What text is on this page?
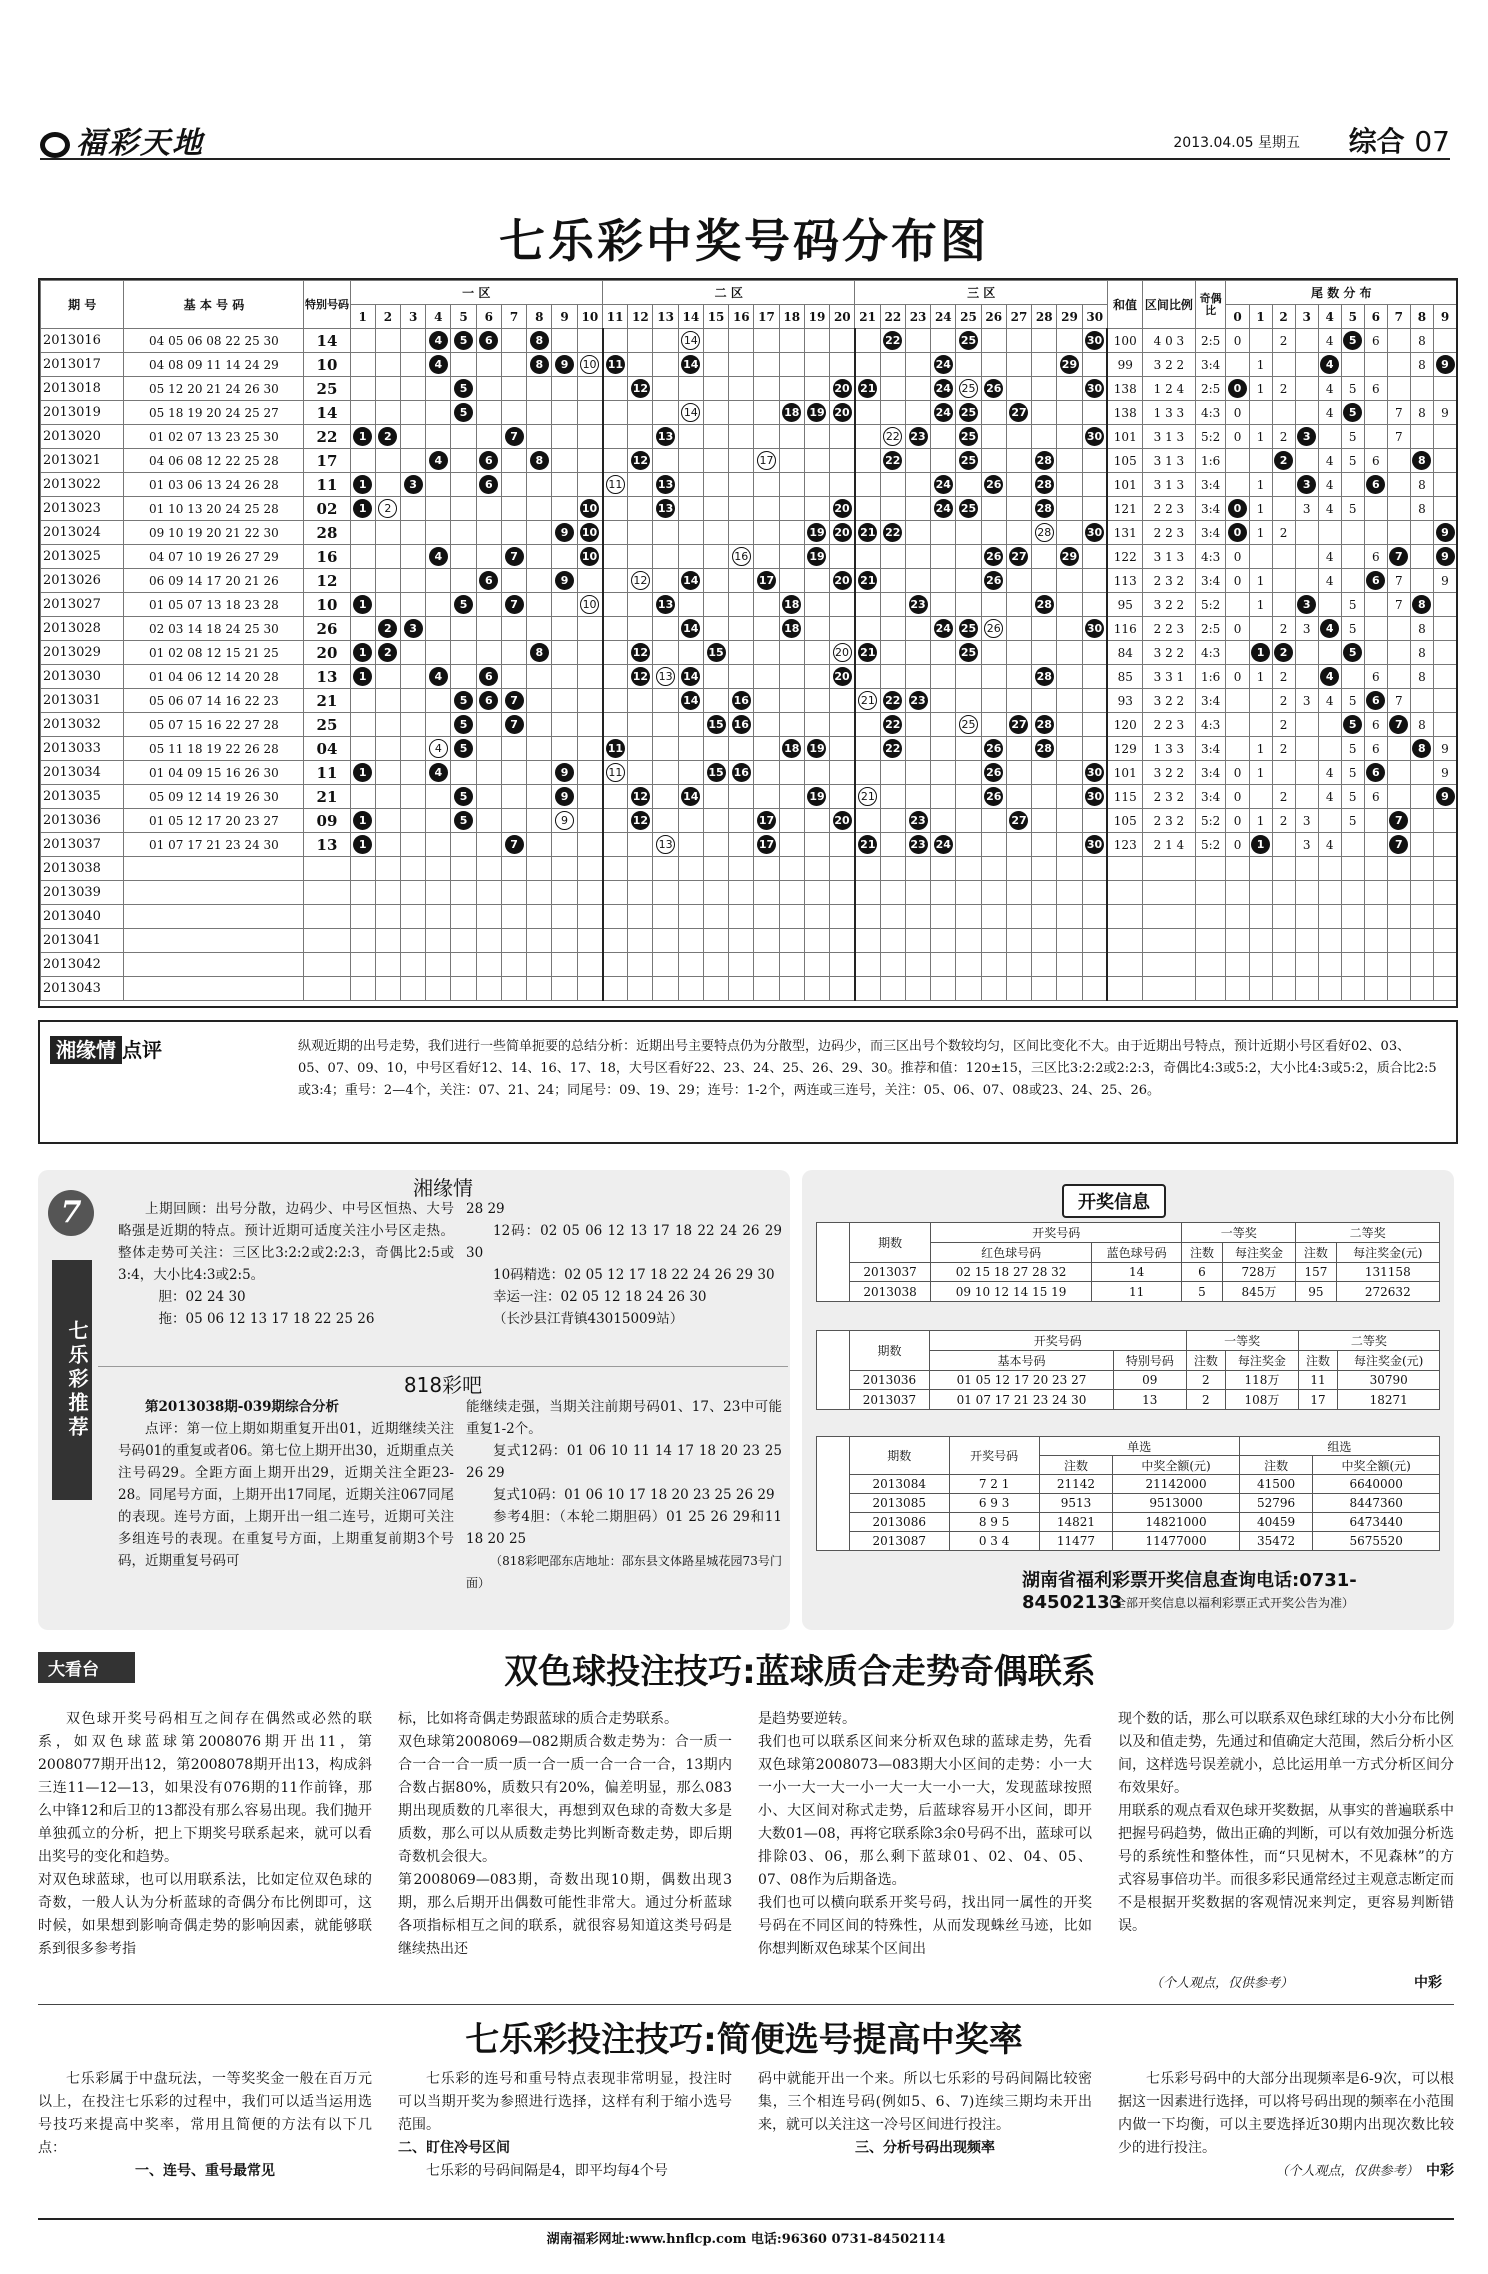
福彩天地	2013.04.05 星期五 综合 07
七乐彩中奖号码分布图
期 号	基 本 号 码	特别号码	一 区										二 区										三 区										和值	区间比例	奇偶比	尾 数 分 布									
			1	2	3	4	5	6	7	8	9	10	11	12	13	14	15	16	17	18	19	20	21	22	23	24	25	26	27	28	29	30				0	1	2	3	4	5	6	7	8	9
2013016	04 05 06 08 22 25 30	14				4	5	6		8						14								22			25					30	100	4 0 3	2:5	0		2		4	5	6		8	
2013017	04 08 09 11 14 24 29	10				4				8	9	10	11			14										24					29		99	3 2 2	3:4		1			4				8	9
2013018	05 12 20 21 24 26 30	25					5							12								20	21			24	25	26				30	138	1 2 4	2:5	0	1	2		4	5	6			
2013019	05 18 19 20 24 25 27	14					5									14				18	19	20				24	25		27				138	1 3 3	4:3	0				4	5		7	8	9
2013020	01 02 07 13 23 25 30	22	1	2					7						13									22	23		25					30	101	3 1 3	5:2	0	1	2	3		5		7		
2013021	04 06 08 12 22 25 28	17				4		6		8				12					17					22			25			28			105	3 1 3	1:6			2		4	5	6		8	
2013022	01 03 06 13 24 26 28	11	1		3			6					11		13											24		26		28			101	3 1 3	3:4		1		3	4		6		8	
2013023	01 10 13 20 24 25 28	02	1	2								10			13							20				24	25			28			121	2 2 3	3:4	0	1		3	4	5			8	
2013024	09 10 19 20 21 22 30	28									9	10									19	20	21	22						28		30	131	2 2 3	3:4	0	1	2							9
2013025	04 07 10 19 26 27 29	16				4			7			10						16			19							26	27		29		122	3 1 3	4:3	0				4		6	7		9
2013026	06 09 14 17 20 21 26	12						6			9			12		14			17			20	21					26					113	2 3 2	3:4	0	1			4		6	7		9
2013027	01 05 07 13 18 23 28	10	1				5		7			10			13					18					23					28			95	3 2 2	5:2		1		3		5		7	8	
2013028	02 03 14 18 24 25 30	26		2	3											14				18						24	25	26				30	116	2 2 3	2:5	0		2	3	4	5			8	
2013029	01 02 08 12 15 21 25	20	1	2						8				12			15					20	21				25						84	3 2 2	4:3		1	2			5			8	
2013030	01 04 06 12 14 20 28	13	1			4		6						12	13	14						20								28			85	3 3 1	1:6	0	1	2		4		6		8	
2013031	05 06 07 14 16 22 23	21					5	6	7							14		16					21	22	23								93	3 2 2	3:4			2	3	4	5	6	7		
2013032	05 07 15 16 22 27 28	25					5		7								15	16						22			25		27	28			120	2 2 3	4:3			2			5	6	7	8	
2013033	05 11 18 19 22 26 28	04				4	5						11							18	19			22				26		28			129	1 3 3	3:4		1	2			5	6		8	9
2013034	01 04 09 15 16 26 30	11	1			4					9		11				15	16										26				30	101	3 2 2	3:4	0	1			4	5	6			9
2013035	05 09 12 14 19 26 30	21					5				9			12		14					19		21					26				30	115	2 3 2	3:4	0		2		4	5	6			9
2013036	01 05 12 17 20 23 27	09	1				5				9			12					17			20			23				27				105	2 3 2	5:2	0	1	2	3		5		7		
2013037	01 07 17 21 23 24 30	13	1						7						13				17				21		23	24						30	123	2 1 4	5:2	0	1		3	4			7		
2013038																																													
2013039																																													
2013040																																													
2013041																																													
2013042																																													
2013043																																													
湘缘情 点评	纵观近期的出号走势，我们进行一些简单扼要的总结分析：近期出号主要特点仍为分散型，边码少，而三区出号个数较均匀，区间比变化不大。由于近期出号特点，预计近期小号区看好02、03、05、07、09、10，中号区看好12、14、16、17、18，大号区看好22、23、24、25、26、29、30。推荐和值：120±15，三区比3:2:2或2:2:3，奇偶比4:3或5:2，大小比4:3或5:2，质合比2:5或3:4；重号：2—4个，关注：07、21、24；同尾号：09、19、29；连号：1-2个，两连或三连号，关注：05、06、07、08或23、24、25、26。
7
七乐彩推荐
湘缘情
上期回顾：出号分散，边码少、中号区恒热、大号略强是近期的特点。预计近期可适度关注小号区走热。整体走势可关注：三区比3:2:2或2:2:3，奇偶比2:5或3:4，大小比4:3或2:5。
胆：02 24 30
拖：05 06 12 13 17 18 22 25 26
28 29
12码：02 05 06 12 13 17 18 22 24 26 29 30
10码精选：02 05 12 17 18 22 24 26 29 30
幸运一注：02 05 12 18 24 26 30
（长沙县江背镇43015009站）
818彩吧
第2013038期-039期综合分析
点评：第一位上期如期重复开出01，近期继续关注号码01的重复或者06。第七位上期开出30，近期重点关注号码29。全距方面上期开出29，近期关注全距23-28。同尾号方面，上期开出17同尾，近期关注067同尾的表现。连号方面，上期开出一组二连号，近期可关注多组连号的表现。在重复号方面，上期重复前期3个号码，近期重复号码可
能继续走强，当期关注前期号码01、17、23中可能重复1-2个。
复式12码：01 06 10 11 14 17 18 20 23 25 26 29
复式10码：01 06 10 17 18 20 23 25 26 29
参考4胆：（本轮二期胆码）01 25 26 29和11 18 20 25
（818彩吧邵东店地址：邵东县文体路星城花园73号门面）
开奖信息
双色球	期数	开奖号码		一等奖		二等奖	
		红色球号码	蓝色球号码	注数	每注奖金	注数	每注奖金(元)
	2013037	02 15 18 27 28 32	14	6	728万	157	131158
	2013038	09 10 12 14 15 19	11	5	845万	95	272632
七乐彩	期数	开奖号码		一等奖		二等奖	
		基本号码	特别号码	注数	每注奖金	注数	每注奖金(元)
	2013036	01 05 12 17 20 23 27	09	2	118万	11	30790
	2013037	01 07 17 21 23 24 30	13	2	108万	17	18271
3D	期数	开奖号码	单选		组选	
			注数	中奖全额(元)	注数	中奖全额(元)
	2013084	7 2 1	21142	21142000	41500	6640000
	2013085	6 9 3	9513	9513000	52796	8447360
	2013086	8 9 5	14821	14821000	40459	6473440
	2013087	0 3 4	11477	11477000	35472	5675520
湖南省福利彩票开奖信息查询电话:0731-84502133
（全部开奖信息以福利彩票正式开奖公告为准）
大看台	双色球投注技巧:蓝球质合走势奇偶联系
双色球开奖号码相互之间存在偶然或必然的联系，如双色球蓝球第2008076期开出11，第2008077期开出12，第2008078期开出13，构成斜三连11—12—13，如果没有076期的11作前锋，那么中锋12和后卫的13都没有那么容易出现。我们抛开单独孤立的分析，把上下期奖号联系起来，就可以看出奖号的变化和趋势。
对双色球蓝球，也可以用联系法，比如定位双色球的奇数，一般人认为分析蓝球的奇偶分布比例即可，这时候，如果想到影响奇偶走势的影响因素，就能够联系到很多参考指
标，比如将奇偶走势跟蓝球的质合走势联系。
双色球第2008069—082期质合数走势为：合一质一合一合一合一质一质一合一质一合一合一合，13期内合数占据80%，质数只有20%，偏差明显，那么083期出现质数的几率很大，再想到双色球的奇数大多是质数，那么可以从质数走势比判断奇数走势，即后期奇数机会很大。
第2008069—083期，奇数出现10期，偶数出现3期，那么后期开出偶数可能性非常大。通过分析蓝球各项指标相互之间的联系，就很容易知道这类号码是继续热出还
是趋势要逆转。
我们也可以联系区间来分析双色球的蓝球走势，先看双色球第2008073—083期大小区间的走势：小一大一小一大一大一小一大一大一小一大，发现蓝球按照小、大区间对称式走势，后蓝球容易开小区间，即开大数01—08，再将它联系除3余0号码不出，蓝球可以排除03、06，那么剩下蓝球01、02、04、05、07、08作为后期备选。
我们也可以横向联系开奖号码，找出同一属性的开奖号码在不同区间的特殊性，从而发现蛛丝马迹，比如你想判断双色球某个区间出
现个数的话，那么可以联系双色球红球的大小分布比例以及和值走势，先通过和值确定大范围，然后分析小区间，这样选号误差就小，总比运用单一方式分析区间分布效果好。
用联系的观点看双色球开奖数据，从事实的普遍联系中把握号码趋势，做出正确的判断，可以有效加强分析选号的系统性和整体性，而“只见树木，不见森林”的方式容易事倍功半。而很多彩民通常经过主观意志断定而不是根据开奖数据的客观情况来判定，更容易判断错误。
（个人观点，仅供参考）	中彩
七乐彩投注技巧:简便选号提高中奖率
七乐彩属于中盘玩法，一等奖奖金一般在百万元以上，在投注七乐彩的过程中，我们可以适当运用选号技巧来提高中奖率，常用且简便的方法有以下几点：
一、连号、重号最常见
七乐彩的连号和重号特点表现非常明显，投注时可以当期开奖为参照进行选择，这样有利于缩小选号范围。
二、盯住冷号区间
七乐彩的号码间隔是4，即平均每4个号
码中就能开出一个来。所以七乐彩的号码间隔比较密集，三个相连号码(例如5、6、7)连续三期均未开出来，就可以关注这一冷号区间进行投注。
三、分析号码出现频率
七乐彩号码中的大部分出现频率是6-9次，可以根据这一因素进行选择，可以将号码出现的频率在小范围内做一下均衡，可以主要选择近30期内出现次数比较少的进行投注。
（个人观点，仅供参考）　 中彩
湖南福彩网址:www.hnflcp.com 电话:96360 0731-84502114
